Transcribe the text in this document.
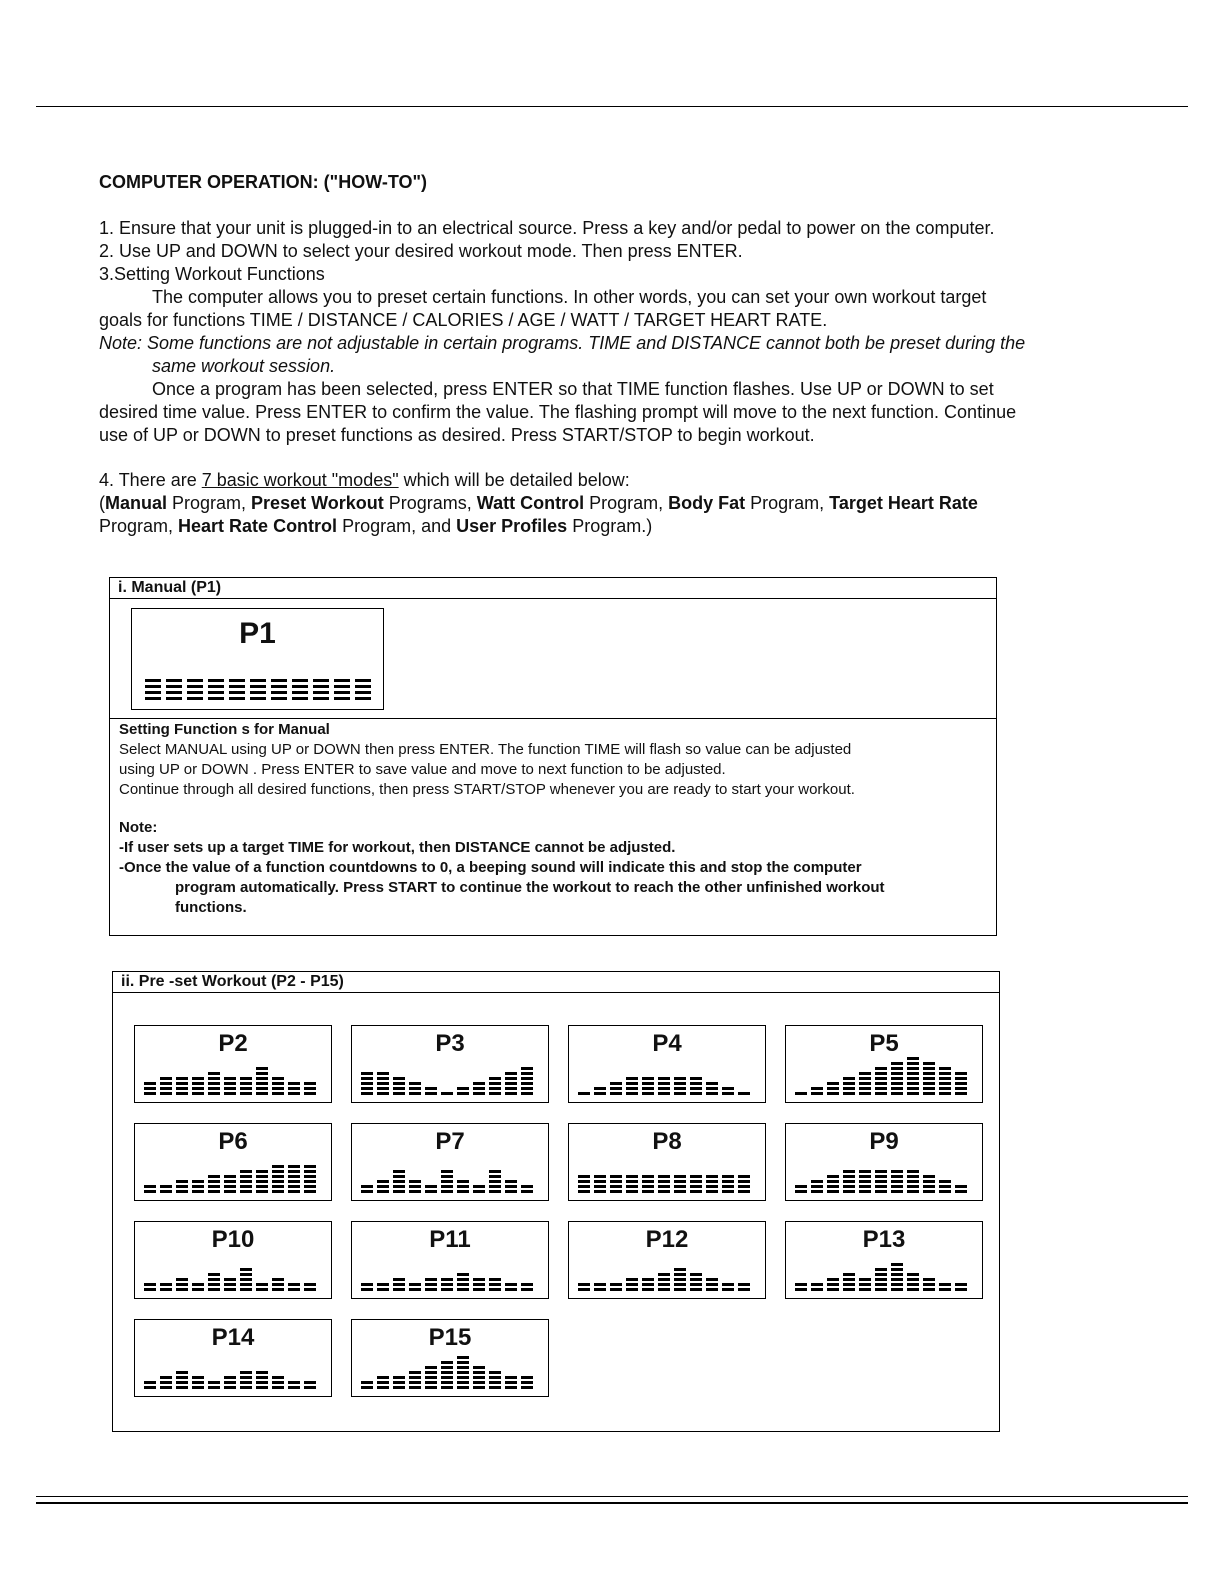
COMPUTER OPERATION: ("HOW-TO")
1. Ensure that your unit is plugged-in to an electrical source. Press a key and/or pedal to power on the computer.
2. Use UP and DOWN to select your desired workout mode. Then press ENTER.
3.Setting Workout Functions
The computer allows you to preset certain functions. In other words, you can set your own workout target
goals for functions TIME / DISTANCE / CALORIES / AGE / WATT / TARGET HEART RATE.
Note: Some functions are not adjustable in certain programs. TIME and DISTANCE cannot both be preset during the
same workout session.
Once a program has been selected, press ENTER so that TIME function flashes. Use UP or DOWN to set
desired time value. Press ENTER to confirm the value. The flashing prompt will move to the next function. Continue
use of UP or DOWN to preset functions as desired. Press START/STOP to begin workout.
4. There are 7 basic workout "modes" which will be detailed below:
(Manual Program, Preset Workout Programs, Watt Control Program, Body Fat Program, Target Heart Rate
Program, Heart Rate Control Program, and User Profiles Program.)
i. Manual (P1)
P1
Setting Function s for Manual
Select MANUAL using UP or DOWN then press ENTER. The function TIME will flash so value can be adjusted
using UP or DOWN . Press ENTER to save value and move to next function to be adjusted.
Continue through all desired functions, then press START/STOP whenever you are ready to start your workout.
Note:
-If user sets up a target TIME for workout, then DISTANCE cannot be adjusted.
-Once the value of a function countdowns to 0, a beeping sound will indicate this and stop the computer
program automatically. Press START to continue the workout to reach the other unfinished workout
functions.
ii. Pre -set Workout (P2 - P15)
P2	P3	P4	P5
P6	P7	P8	P9
P10	P11	P12	P13
P14	P15
